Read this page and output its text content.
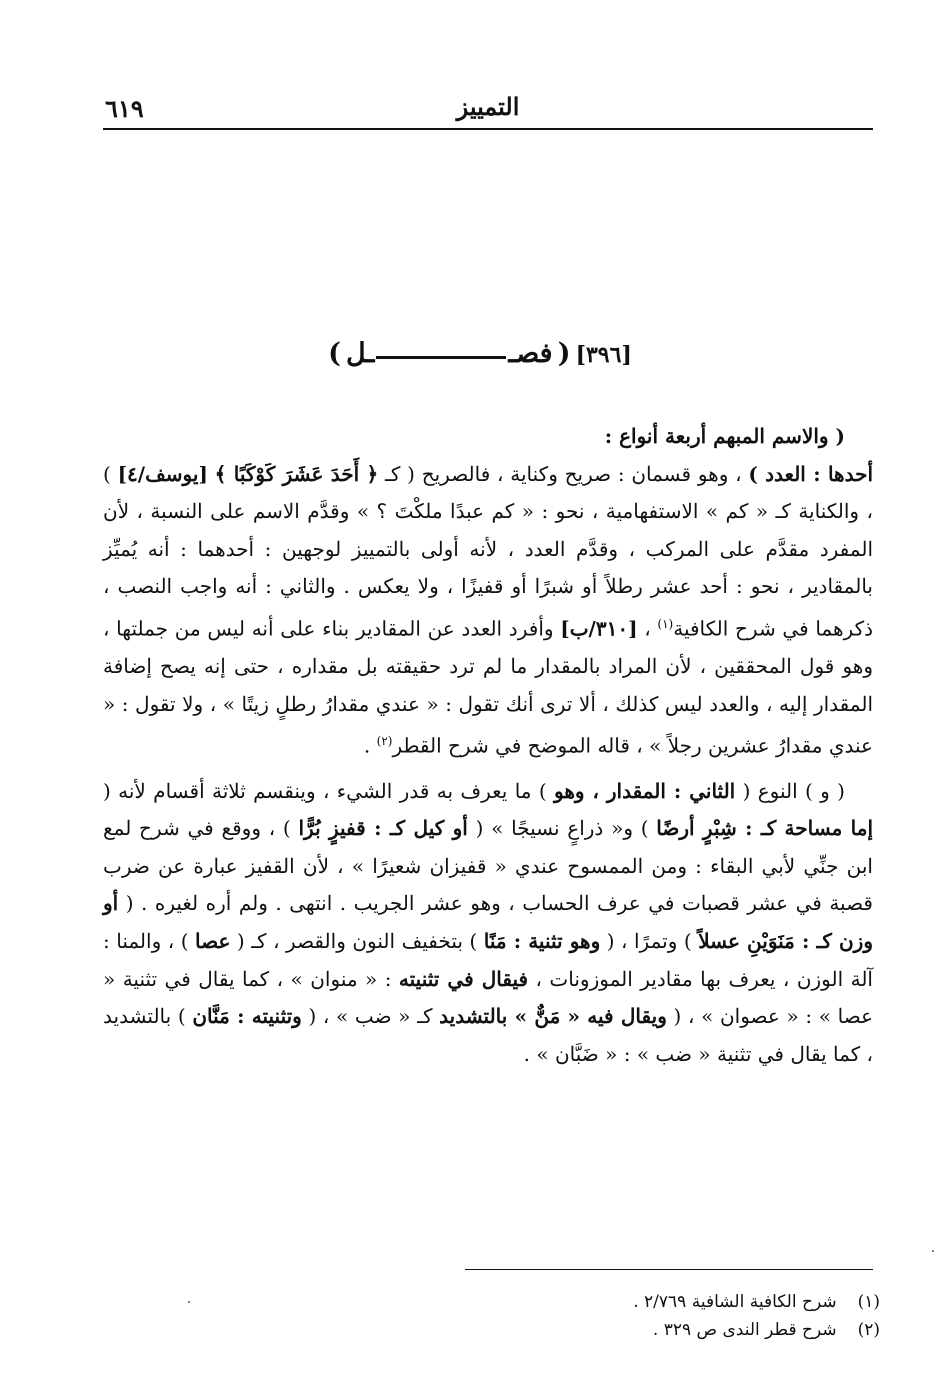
٦١٩	التمييز
[٣٩٦] ( فصــل )

( والاسم المبهم أربعة أنواع :

أحدها : العدد ) ، وهو قسمان : صريح وكناية ، فالصريح ( كـ ﴿ أَحَدَ عَشَرَ كَوْكَبًا ﴾ [يوسف/٤] ) ، والكناية كـ « كم » الاستفهامية ، نحو : « كم عبدًا ملكْتَ ؟ » وقدَّم الاسم على النسبة ، لأن المفرد مقدَّم على المركب ، وقدَّم العدد ، لأنه أولى بالتمييز لوجهين : أحدهما : أنه يُميِّز بالمقادير ، نحو : أحد عشر رطلاً أو شبرًا أو قفيزًا ، ولا يعكس . والثاني : أنه واجب النصب ، ذكرهما في شرح الكافية$^{(١)}$ ، [٣١٠/ب] وأفرد العدد عن المقادير بناء على أنه ليس من جملتها ، وهو قول المحققين ، لأن المراد بالمقدار ما لم ترد حقيقته بل مقداره ، حتى إنه يصح إضافة المقدار إليه ، والعدد ليس كذلك ، ألا ترى أنك تقول : « عندي مقدارُ رطلٍ زيتًا » ، ولا تقول : « عندي مقدارُ عشرين رجلاً » ، قاله الموضح في شرح القطر$^{(٢)}$ .

( و ) النوع ( الثاني : المقدار ، وهو ) ما يعرف به قدر الشيء ، وينقسم ثلاثة أقسام لأنه ( إما مساحة كـ : شِبْرٍ أرضًا ) و« ذراعٍ نسيجًا » ( أو كيل كـ : قفيزٍ بُرًّا ) ، ووقع في شرح لمع ابن جنِّي لأبي البقاء : ومن الممسوح عندي « قفيزان شعيرًا » ، لأن القفيز عبارة عن ضرب قصبة في عشر قصبات في عرف الحساب ، وهو عشر الجريب . انتهى . ولم أره لغيره . ( أو وزن كـ : مَنَوَيْنِ عسلاً ) وتمرًا ، ( وهو تثنية : مَنًا ) بتخفيف النون والقصر ، كـ ( عصا ) ، والمنا : آلة الوزن ، يعرف بها مقادير الموزونات ، فيقال في تثنيته : « منوان » ، كما يقال في تثنية « عصا » : « عصوان » ، ( ويقال فيه « مَنٌّ » بالتشديد كـ « ضب » ، ( وتثنيته : مَنَّان ) بالتشديد ، كما يقال في تثنية « ضب » : « ضَبَّان » .

(١) شرح الكافية الشافية ٢/٧٦٩ .
(٢) شرح قطر الندى ص ٣٢٩ .
